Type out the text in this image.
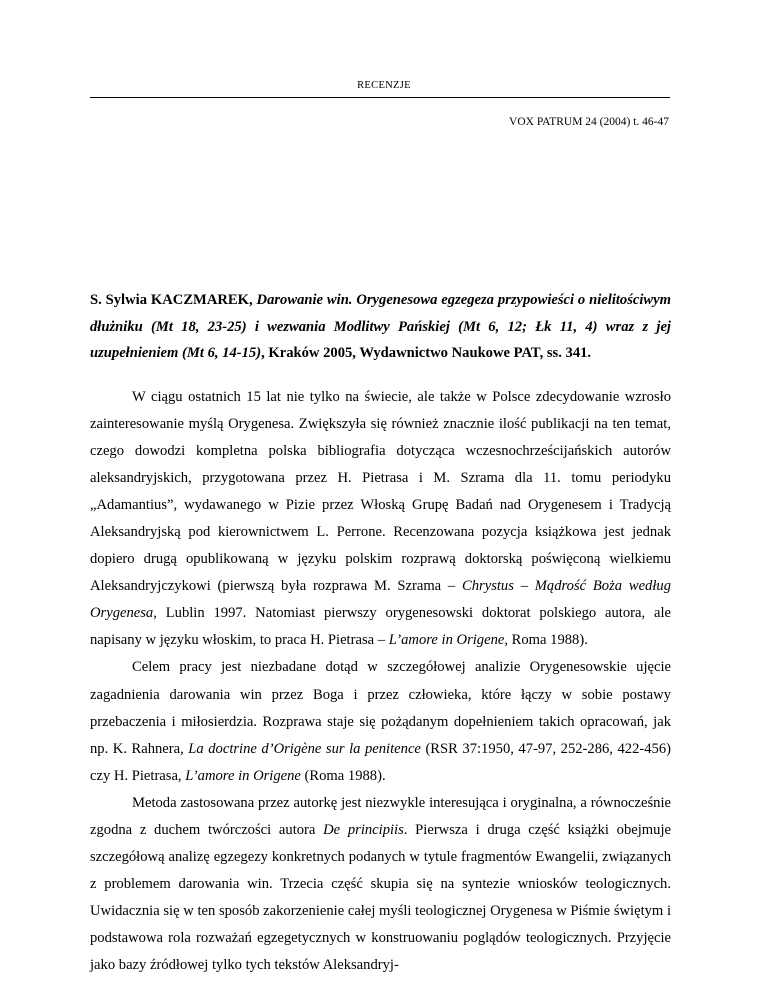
RECENZJE
VOX PATRUM 24 (2004) t. 46-47

S. Sylwia KACZMAREK, Darowanie win. Orygenesowa egzegeza przypowieści o nielitościwym dłużniku (Mt 18, 23-25) i wezwania Modlitwy Pańskiej (Mt 6, 12; Łk 11, 4) wraz z jej uzupełnieniem (Mt 6, 14-15), Kraków 2005, Wydawnictwo Naukowe PAT, ss. 341.

W ciągu ostatnich 15 lat nie tylko na świecie, ale także w Polsce zdecydowanie wzrosło zainteresowanie myślą Orygenesa. Zwiększyła się również znacznie ilość publikacji na ten temat, czego dowodzi kompletna polska bibliografia dotycząca wczesnochrześcijańskich autorów aleksandryjskich, przygotowana przez H. Pietrasa i M. Szrama dla 11. tomu periodyku „Adamantius”, wydawanego w Pizie przez Włoską Grupę Badań nad Orygenesem i Tradycją Aleksandryjską pod kierownictwem L. Perrone. Recenzowana pozycja książkowa jest jednak dopiero drugą opublikowaną w języku polskim rozprawą doktorską poświęconą wielkiemu Aleksandryjczykowi (pierwszą była rozprawa M. Szrama – Chrystus – Mądrość Boża według Orygenesa, Lublin 1997. Natomiast pierwszy orygenesowski doktorat polskiego autora, ale napisany w języku włoskim, to praca H. Pietrasa – L’amore in Origene, Roma 1988).

Celem pracy jest niezbadane dotąd w szczegółowej analizie Orygenesowskie ujęcie zagadnienia darowania win przez Boga i przez człowieka, które łączy w sobie postawy przebaczenia i miłosierdzia. Rozprawa staje się pożądanym dopełnieniem takich opracowań, jak np. K. Rahnera, La doctrine d’Origène sur la penitence (RSR 37:1950, 47-97, 252-286, 422-456) czy H. Pietrasa, L’amore in Origene (Roma 1988).

Metoda zastosowana przez autorkę jest niezwykle interesująca i oryginalna, a równocześnie zgodna z duchem twórczości autora De principiis. Pierwsza i druga część książki obejmuje szczegółową analizę egzegezy konkretnych podanych w tytule fragmentów Ewangelii, związanych z problemem darowania win. Trzecia część skupia się na syntezie wniosków teologicznych. Uwidacznia się w ten sposób zakorzenienie całej myśli teologicznej Orygenesa w Piśmie świętym i podstawowa rola rozważań egzegetycznych w konstruowaniu poglądów teologicznych. Przyjęcie jako bazy źródłowej tylko tych tekstów Aleksandryj-
